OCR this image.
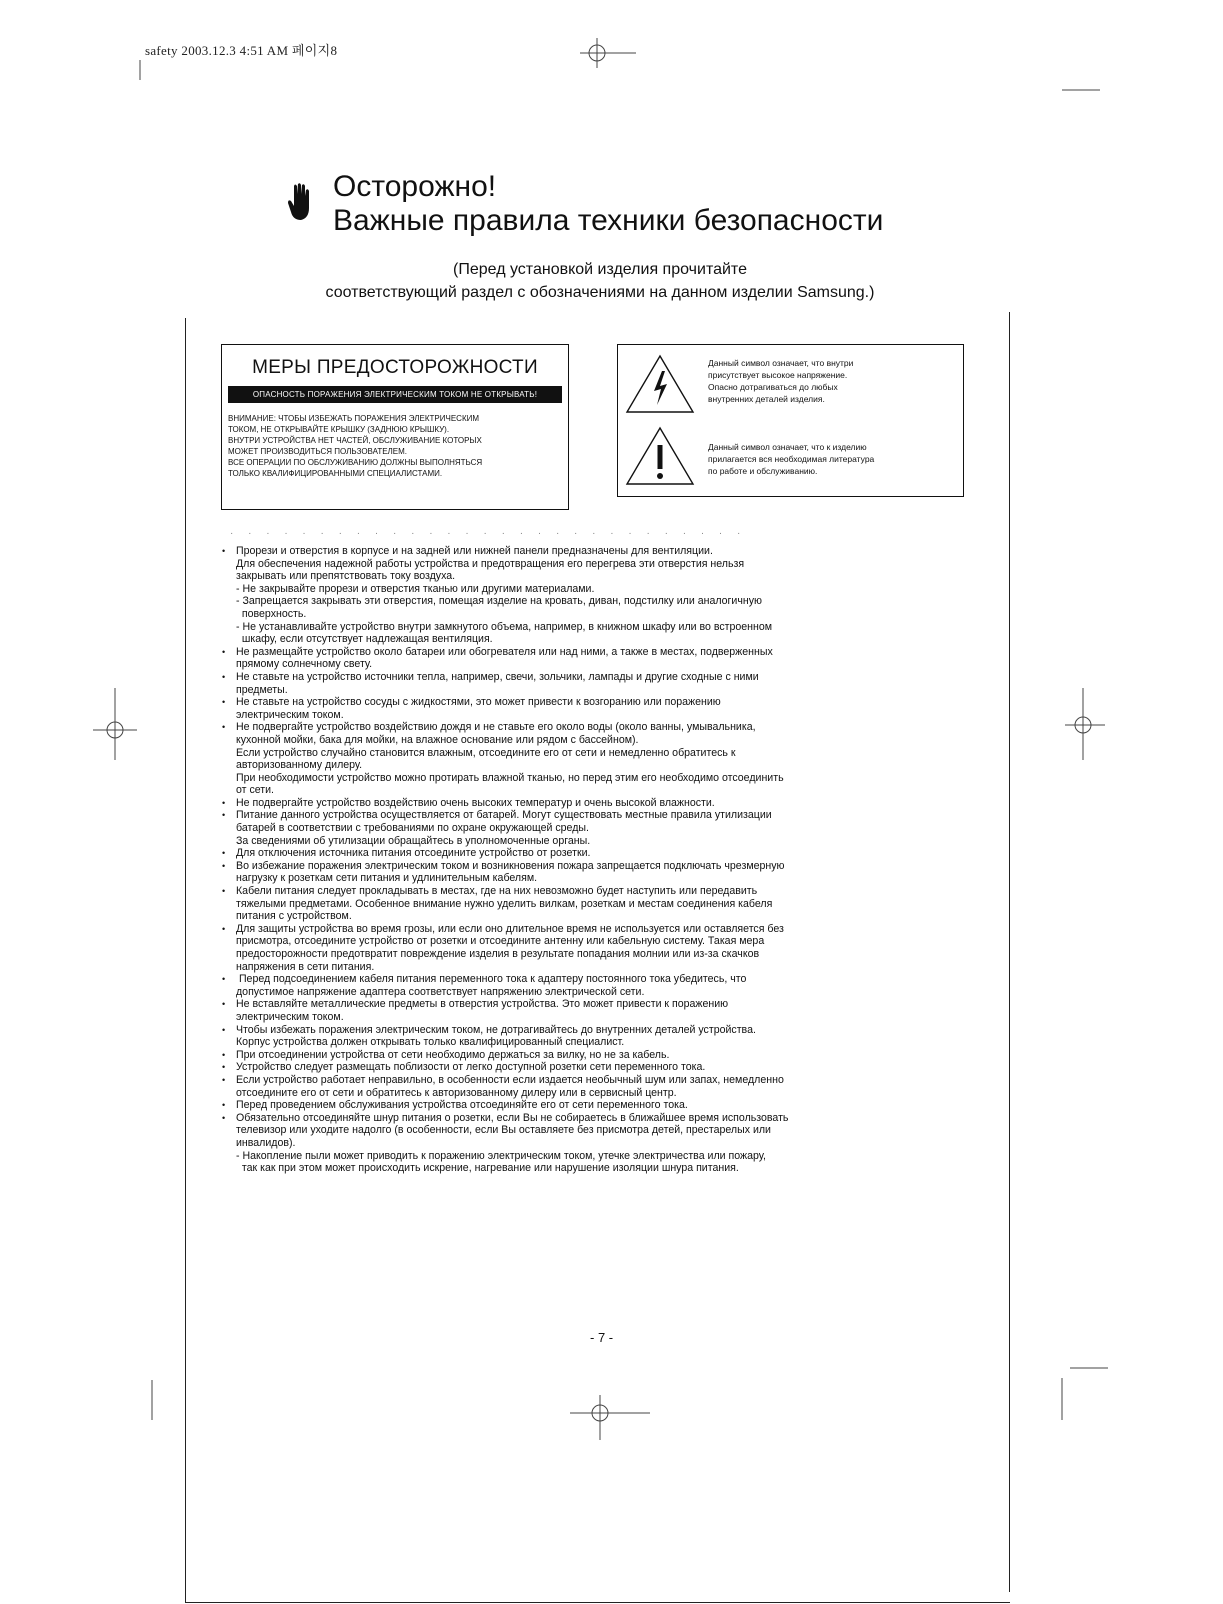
safety 2003.12.3 4:51 AM 페이지8
Осторожно!
Важные правила техники безопасности
(Перед установкой изделия прочитайте
соответствующий раздел с обозначениями на данном изделии Samsung.)
МЕРЫ ПРЕДОСТОРОЖНОСТИ
ОПАСНОСТЬ ПОРАЖЕНИЯ ЭЛЕКТРИЧЕСКИМ ТОКОМ НЕ ОТКРЫВАТЬ!
ВНИМАНИЕ: ЧТОБЫ ИЗБЕЖАТЬ ПОРАЖЕНИЯ ЭЛЕКТРИЧЕСКИМ
ТОКОМ, НЕ ОТКРЫВАЙТЕ КРЫШКУ (ЗАДНЮЮ КРЫШКУ).
ВНУТРИ УСТРОЙСТВА НЕТ ЧАСТЕЙ, ОБСЛУЖИВАНИЕ КОТОРЫХ
МОЖЕТ ПРОИЗВОДИТЬСЯ ПОЛЬЗОВАТЕЛЕМ.
ВСЕ ОПЕРАЦИИ ПО ОБСЛУЖИВАНИЮ ДОЛЖНЫ ВЫПОЛНЯТЬСЯ
ТОЛЬКО КВАЛИФИЦИРОВАННЫМИ СПЕЦИАЛИСТАМИ.
Данный символ означает, что внутри
присутствует высокое напряжение.
Опасно дотрагиваться до любых
внутренних деталей изделия.
Данный символ означает, что к изделию
прилагается вся необходимая литература
по работе и обслуживанию.
· · · · · · · · · · · · · · · · · · · · · · · · · · · · ·
• Прорези и отверстия в корпусе и на задней или нижней панели предназначены для вентиляции.
Для обеспечения надежной работы устройства и предотвращения его перегрева эти отверстия нельзя
закрывать или препятствовать току воздуха.
- Не закрывайте прорези и отверстия тканью или другими материалами.
- Запрещается закрывать эти отверстия, помещая изделие на кровать, диван, подстилку или аналогичную
поверхность.
- Не устанавливайте устройство внутри замкнутого объема, например, в книжном шкафу или во встроенном
шкафу, если отсутствует надлежащая вентиляция.
• Не размещайте устройство около батареи или обогревателя или над ними, а также в местах, подверженных
прямому солнечному свету.
• Не ставьте на устройство источники тепла, например, свечи, зольчики, лампады и другие сходные с ними
предметы.
• Не ставьте на устройство сосуды с жидкостями, это может привести к возгоранию или поражению
электрическим током.
• Не подвергайте устройство воздействию дождя и не ставьте его около воды (около ванны, умывальника,
кухонной мойки, бака для мойки, на влажное основание или рядом с бассейном).
Если устройство случайно становится влажным, отсоедините его от сети и немедленно обратитесь к
авторизованному дилеру.
При необходимости устройство можно протирать влажной тканью, но перед этим его необходимо отсоединить
от сети.
• Не подвергайте устройство воздействию очень высоких температур и очень высокой влажности.
• Питание данного устройства осуществляется от батарей. Могут существовать местные правила утилизации
батарей в соответствии с требованиями по охране окружающей среды.
За сведениями об утилизации обращайтесь в уполномоченные органы.
• Для отключения источника питания отсоедините устройство от розетки.
• Во избежание поражения электрическим током и возникновения пожара запрещается подключать чрезмерную
нагрузку к розеткам сети питания и удлинительным кабелям.
• Кабели питания следует прокладывать в местах, где на них невозможно будет наступить или передавить
тяжелыми предметами. Особенное внимание нужно уделить вилкам, розеткам и местам соединения кабеля
питания с устройством.
• Для защиты устройства во время грозы, или если оно длительное время не используется или оставляется без
присмотра, отсоедините устройство от розетки и отсоедините антенну или кабельную систему. Такая мера
предосторожности предотвратит повреждение изделия в результате попадания молнии или из-за скачков
напряжения в сети питания.
•  Перед подсоединением кабеля питания переменного тока к адаптеру постоянного тока убедитесь, что
допустимое напряжение адаптера соответствует напряжению электрической сети.
• Не вставляйте металлические предметы в отверстия устройства. Это может привести к поражению
электрическим током.
• Чтобы избежать поражения электрическим током, не дотрагивайтесь до внутренних деталей устройства.
Корпус устройства должен открывать только квалифицированный специалист.
• При отсоединении устройства от сети необходимо держаться за вилку, но не за кабель.
• Устройство следует размещать поблизости от легко доступной розетки сети переменного тока.
• Если устройство работает неправильно, в особенности если издается необычный шум или запах, немедленно
отсоедините его от сети и обратитесь к авторизованному дилеру или в сервисный центр.
• Перед проведением обслуживания устройства отсоединяйте его от сети переменного тока.
• Обязательно отсоединяйте шнур питания о розетки, если Вы не собираетесь в ближайшее время использовать
телевизор или уходите надолго (в особенности, если Вы оставляете без присмотра детей, престарелых или
инвалидов).
- Накопление пыли может приводить к поражению электрическим током, утечке электричества или пожару,
так как при этом может происходить искрение, нагревание или нарушение изоляции шнура питания.
- 7 -
